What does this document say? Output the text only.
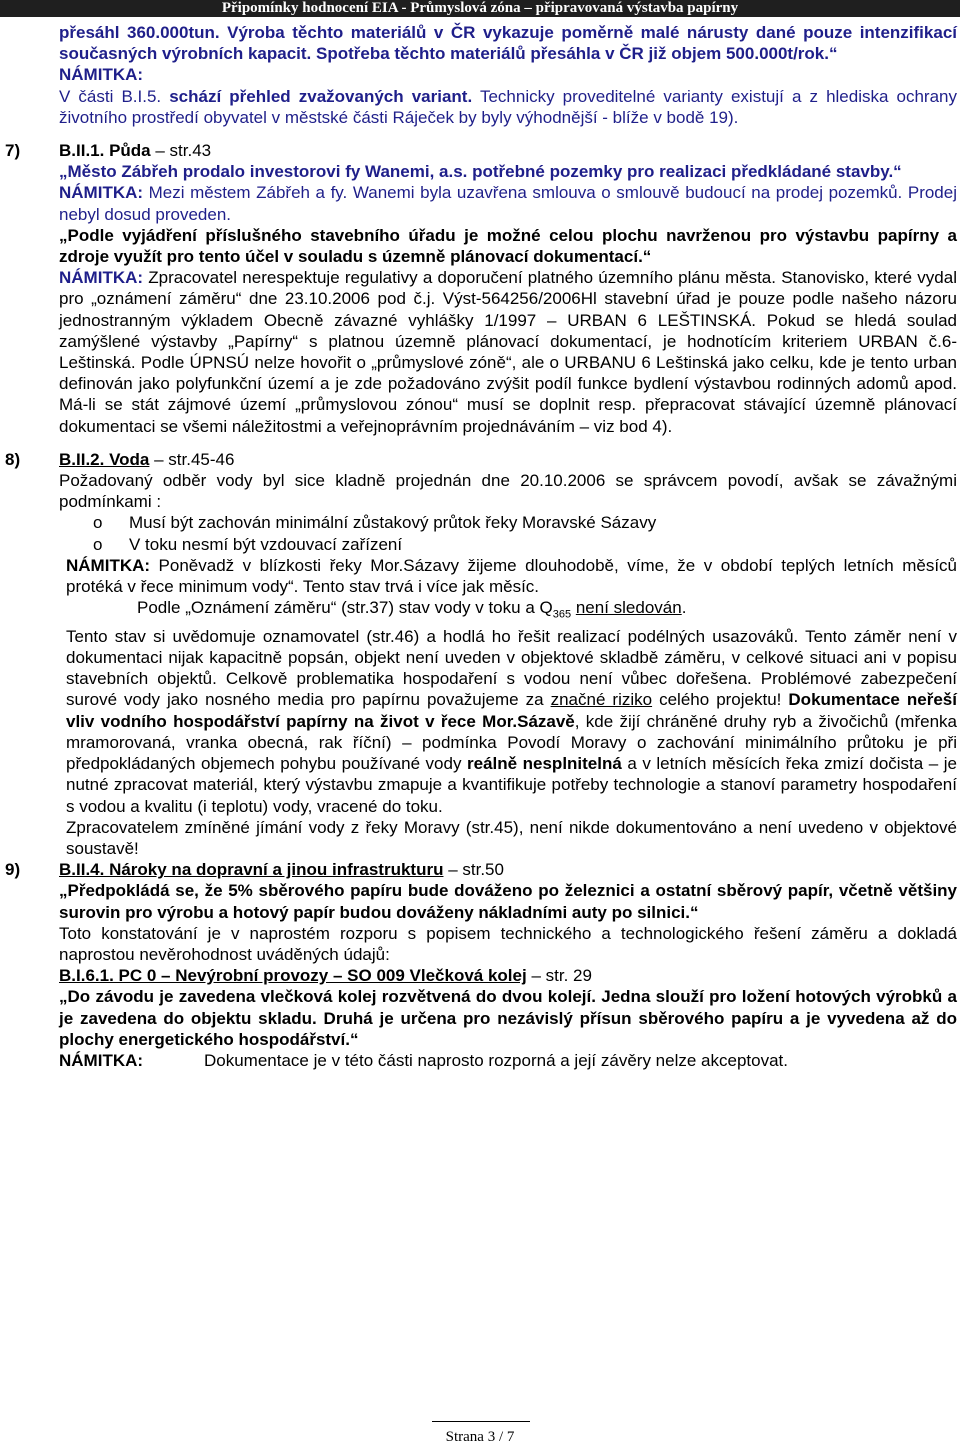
Připomínky hodnocení EIA - Průmyslová zóna – připravovaná výstavba papírny

přesáhl 360.000tun. Výroba těchto materiálů v ČR vykazuje poměrně malé nárusty dané pouze intenzifikací současných výrobních kapacit. Spotřeba těchto materiálů přesáhla v ČR již objem 500.000t/rok.“

NÁMITKA:

V části B.I.5. schází přehled zvažovaných variant. Technicky proveditelné varianty existují a z hlediska ochrany životního prostředí obyvatel v městské části Ráječek by byly výhodnější - blíže v bodě 19).

7) B.II.1. Půda – str.43

„Město Zábřeh prodalo investorovi fy Wanemi, a.s. potřebné pozemky pro realizaci předkládané stavby.“

NÁMITKA: Mezi městem Zábřeh a fy. Wanemi byla uzavřena smlouva o smlouvě budoucí na prodej pozemků. Prodej nebyl dosud proveden.

„Podle vyjádření příslušného stavebního úřadu je možné celou plochu navrženou pro výstavbu papírny a zdroje využít pro tento účel v souladu s územně plánovací dokumentací.“

NÁMITKA: Zpracovatel nerespektuje regulativy a doporučení platného územního plánu města. Stanovisko, které vydal pro „oznámení záměru“ dne 23.10.2006 pod č.j. Výst-564256/2006Hl stavební úřad je pouze podle našeho názoru jednostranným výkladem Obecně závazné vyhlášky 1/1997 – URBAN 6 LEŠTINSKÁ. Pokud se hledá soulad zamýšlené výstavby „Papírny“ s platnou územně plánovací dokumentací, je hodnotícím kriteriem URBAN č.6-Leštinská. Podle ÚPNSÚ nelze hovořit o „průmyslové zóně“, ale o URBANU 6 Leštinská jako celku, kde je tento urban definován jako polyfunkční území a je zde požadováno zvýšit podíl funkce bydlení výstavbou rodinných adomů apod. Má-li se stát zájmové území „průmyslovou zónou“ musí se doplnit resp. přepracovat stávající územně plánovací dokumentaci se všemi náležitostmi a veřejnoprávním projednáváním – viz bod 4).

8) B.II.2. Voda – str.45-46

Požadovaný odběr vody byl sice kladně projednán dne 20.10.2006 se správcem povodí, avšak se závažnými podmínkami :

o Musí být zachován minimální zůstakový průtok řeky Moravské Sázavy

o V toku nesmí být vzdouvací zařízení

NÁMITKA: Poněvadž v blízkosti řeky Mor.Sázavy žijeme dlouhodobě, víme, že v období teplých letních měsíců protéká v řece minimum vody“. Tento stav trvá i více jak měsíc.

Podle „Oznámení záměru“ (str.37) stav vody v toku a $Q_{365}$ není sledován.

Tento stav si uvědomuje oznamovatel (str.46) a hodlá ho řešit realizací podélných usazováků. Tento záměr není v dokumentaci nijak kapacitně popsán, objekt není uveden v objektové skladbě záměru, v celkové situaci ani v popisu stavebních objektů. Celkově problematika hospodaření s vodou není vůbec dořešena. Problémové zabezpečení surové vody jako nosného media pro papírnu považujeme za značné riziko celého projektu! Dokumentace neřeší vliv vodního hospodářství papírny na život v řece Mor.Sázavě, kde žijí chráněné druhy ryb a živočichů (mřenka mramorovaná, vranka obecná, rak říční) – podmínka Povodí Moravy o zachování minimálního průtoku je při předpokládaných objemech pohybu používané vody reálně nesplnitelná a v letních měsících řeka zmizí dočista – je nutné zpracovat materiál, který výstavbu zmapuje a kvantifikuje potřeby technologie a stanoví parametry hospodaření s vodou a kvalitu (i teplotu) vody, vracené do toku.

Zpracovatelem zmíněné jímání vody z řeky Moravy (str.45), není nikde dokumentováno a není uvedeno v objektové soustavě!

9) B.II.4. Nároky na dopravní a jinou infrastrukturu – str.50

„Předpokládá se, že 5% sběrového papíru bude dováženo po železnici a ostatní sběrový papír, včetně většiny surovin pro výrobu a hotový papír budou dováženy nákladními auty po silnici.“

Toto konstatování je v naprostém rozporu s popisem technického a technologického řešení záměru a dokladá naprostou nevěrohodnost uváděných údajů:

B.I.6.1. PC 0 – Nevýrobní provozy – SO 009 Vlečková kolej – str. 29

„Do závodu je zavedena vlečková kolej rozvětvená do dvou kolejí. Jedna slouží pro ložení hotových výrobků a je zavedena do objektu skladu. Druhá je určena pro nezávislý přísun sběrového papíru a je vyvedena až do plochy energetického hospodářství.“

NÁMITKA:	Dokumentace je v této části naprosto rozporná a její závěry nelze akceptovat.

Strana 3 / 7
